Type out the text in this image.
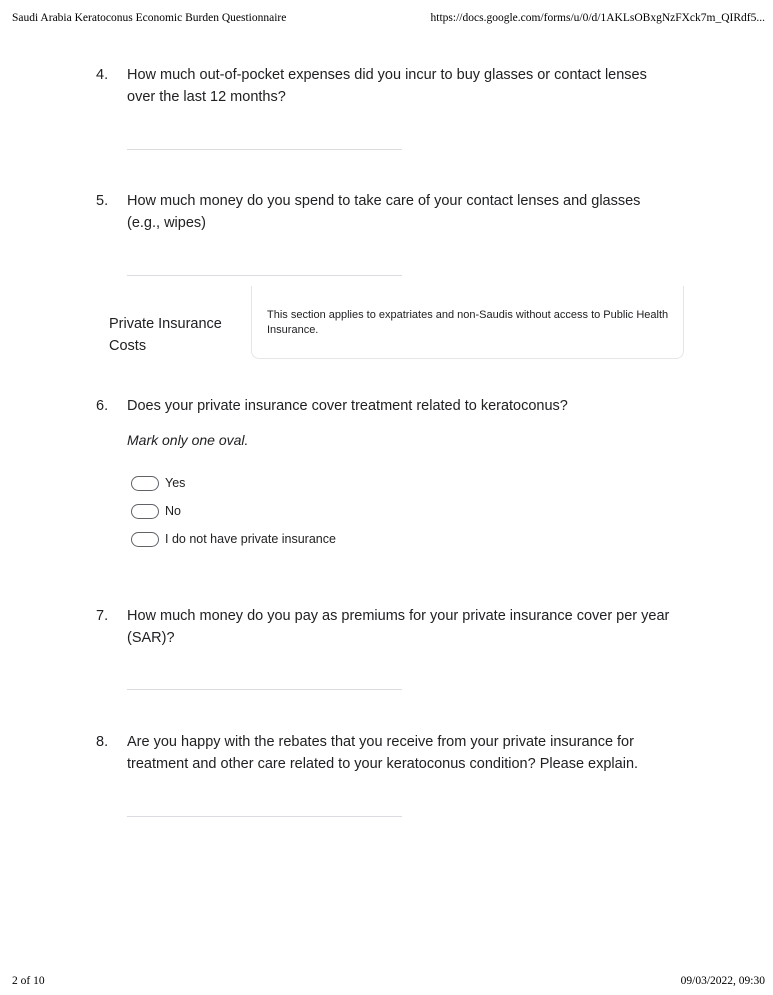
Saudi Arabia Keratoconus Economic Burden Questionnaire	https://docs.google.com/forms/u/0/d/1AKLsOBxgNzFXck7m_QIRdf5...
4.	How much out-of-pocket expenses did you incur to buy glasses or contact lenses over the last 12 months?
5.	How much money do you spend to take care of your contact lenses and glasses (e.g., wipes)
Private Insurance Costs
This section applies to expatriates and non-Saudis without access to Public Health Insurance.
6.	Does your private insurance cover treatment related to keratoconus?
Mark only one oval.
Yes
No
I do not have private insurance
7.	How much money do you pay as premiums for your private insurance cover per year (SAR)?
8.	Are you happy with the rebates that you receive from your private insurance for treatment and other care related to your keratoconus condition? Please explain.
2 of 10	09/03/2022, 09:30
